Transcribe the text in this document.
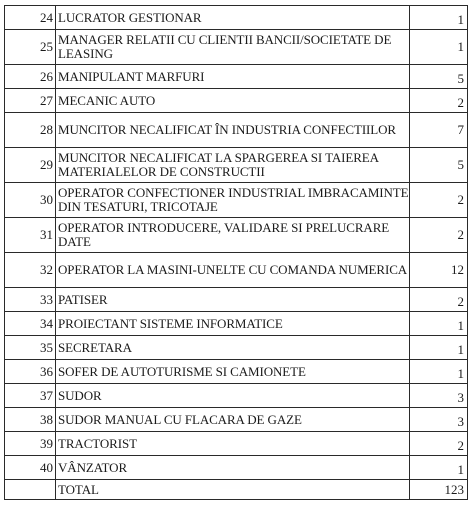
24	LUCRATOR GESTIONAR	1
25	MANAGER RELATII CU CLIENTII BANCII/SOCIETATE DE LEASING	1
26	MANIPULANT MARFURI	5
27	MECANIC AUTO	2
28	MUNCITOR NECALIFICAT ÎN INDUSTRIA CONFECTIILOR	7
29	MUNCITOR NECALIFICAT LA SPARGEREA SI TAIEREA MATERIALELOR DE CONSTRUCTII	5
30	OPERATOR CONFECTIONER INDUSTRIAL IMBRACAMINTE DIN TESATURI, TRICOTAJE	2
31	OPERATOR INTRODUCERE, VALIDARE SI PRELUCRARE DATE	2
32	OPERATOR LA MASINI-UNELTE CU COMANDA NUMERICA	12
33	PATISER	2
34	PROIECTANT SISTEME INFORMATICE	1
35	SECRETARA	1
36	SOFER DE AUTOTURISME SI CAMIONETE	1
37	SUDOR	3
38	SUDOR MANUAL CU FLACARA DE GAZE	3
39	TRACTORIST	2
40	VÂNZATOR	1
	TOTAL	123
